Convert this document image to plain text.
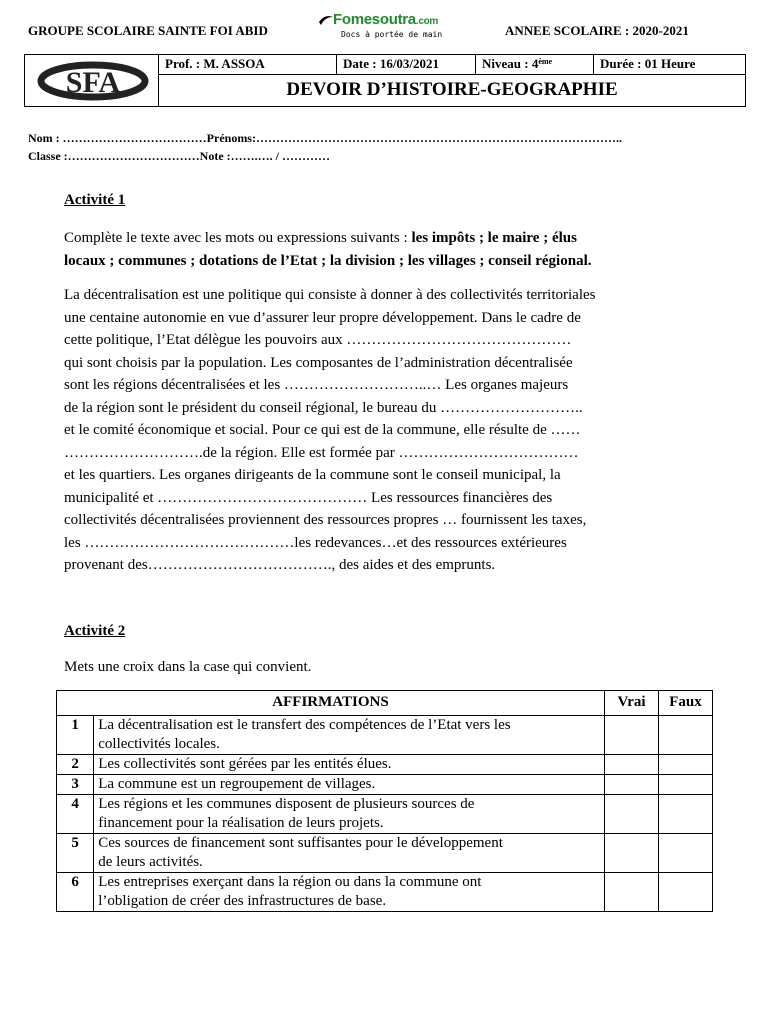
GROUPE SCOLAIRE SAINTE FOI ABID
Fomesoutra.com
Docs à portée de main	ANNEE SCOLAIRE : 2020-2021
SFA
Prof. : M. ASSOA	Date : 16/03/2021	Niveau : 4ème	Durée : 01 Heure
DEVOIR D’HISTOIRE-GEOGRAPHIE
Nom : ………………………………Prénoms:………………………………………………………………………………..
Classe :……………………………Note :…….…. / …………
Activité 1
Complète le texte avec les mots ou expressions suivants : les impôts ; le maire ; élus
locaux ; communes ; dotations de l’Etat ; la division ; les villages ; conseil régional.
La décentralisation est une politique qui consiste à donner à des collectivités territoriales
une centaine autonomie en vue d’assurer leur propre développement. Dans le cadre de
cette politique, l’Etat délègue les pouvoirs aux ………………………………………
qui sont choisis par la population. Les composantes de l’administration décentralisée
sont les régions décentralisées et les ………………………..… Les organes majeurs
de la région sont le président du conseil régional, le bureau du ………………………..
et le comité économique et social. Pour ce qui est de la commune, elle résulte de ……
……………………….de la région. Elle est formée par ………………………………
et les quartiers. Les organes dirigeants de la commune sont le conseil municipal, la
municipalité et …………………………………… Les ressources financières des
collectivités décentralisées proviennent des ressources propres … fournissent les taxes,
les ……………………………………les redevances…et des ressources extérieures
provenant des………………………………., des aides et des emprunts.
Activité 2
Mets une croix dans la case qui convient.
AFFIRMATIONS		Vrai	Faux
1	La décentralisation est le transfert des compétences de l’Etat vers les
collectivités locales.		

2	Les collectivités sont gérées par les entités élues.		

3	La commune est un regroupement de villages.		

4	Les régions et les communes disposent de plusieurs sources de
financement pour la réalisation de leurs projets.		

5	Ces sources de financement sont suffisantes pour le développement
de leurs activités.		

6	Les entreprises exerçant dans la région ou dans la commune ont
l’obligation de créer des infrastructures de base.		
